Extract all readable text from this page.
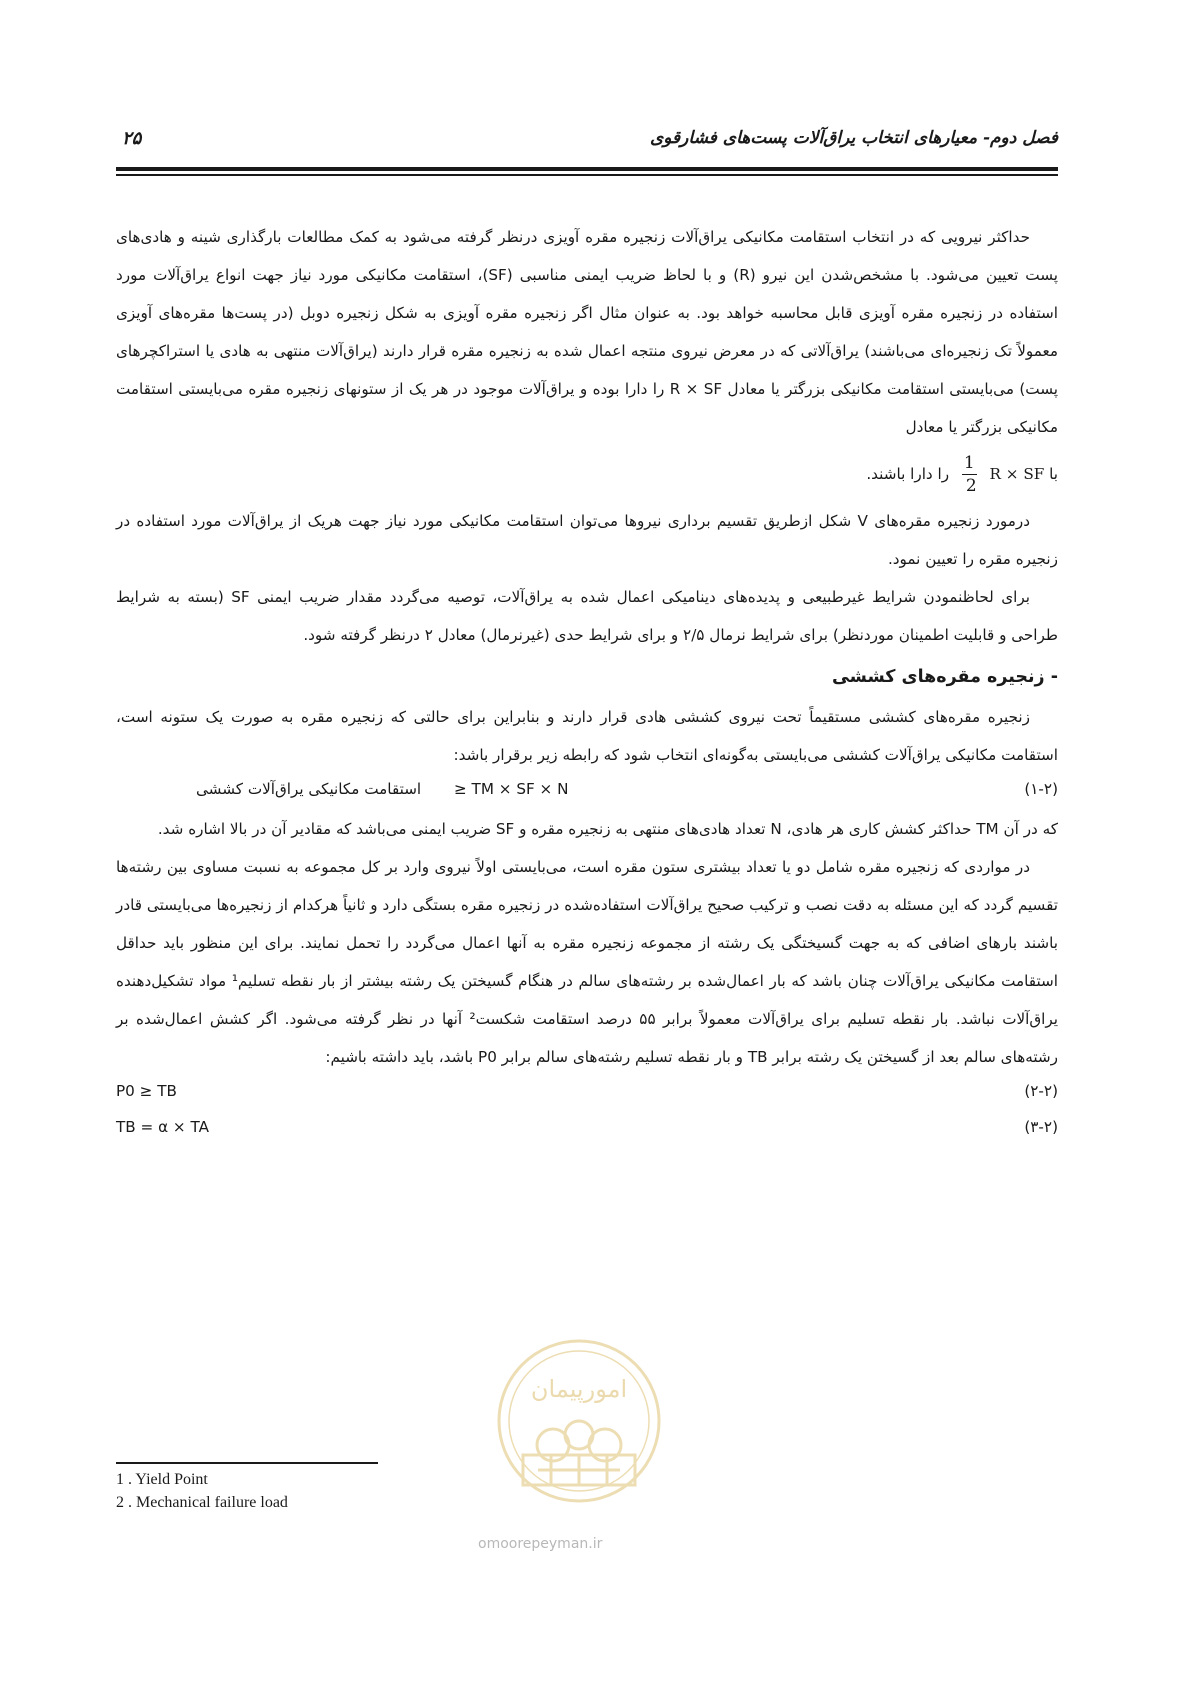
فصل دوم- معیارهای انتخاب یراق‌آلات پست‌های فشارقوی
۲۵

حداکثر نیرویی که در انتخاب استقامت مکانیکی یراق‌آلات زنجیره مقره آویزی درنظر گرفته می‌شود به کمک مطالعات بارگذاری شینه و هادی‌های پست تعیین می‌شود. با مشخص‌شدن این نیرو (R) و با لحاظ ضریب ایمنی مناسبی (SF)، استقامت مکانیکی مورد نیاز جهت انواع یراق‌آلات مورد استفاده در زنجیره مقره آویزی قابل محاسبه خواهد بود. به عنوان مثال اگر زنجیره مقره آویزی به شکل زنجیره دوبل (در پست‌ها مقره‌های آویزی معمولاً تک زنجیره‌ای می‌باشند) یراق‌آلاتی که در معرض نیروی منتجه اعمال شده به زنجیره مقره قرار دارند (یراق‌آلات منتهی به هادی یا استراکچرهای پست) می‌بایستی استقامت مکانیکی بزرگتر یا معادل R × SF را دارا بوده و یراق‌آلات موجود در هر یک از ستونهای زنجیره مقره می‌بایستی استقامت مکانیکی بزرگتر یا معادل

با R × SF
$\frac{1}{2}$
را دارا باشند.

درمورد زنجیره مقره‌های V شکل ازطریق تقسیم برداری نیروها می‌توان استقامت مکانیکی مورد نیاز جهت هریک از یراق‌آلات مورد استفاده در زنجیره مقره را تعیین نمود.

برای لحاظنمودن شرایط غیرطبیعی و پدیده‌های دینامیکی اعمال شده به یراق‌آلات، توصیه می‌گردد مقدار ضریب ایمنی SF (بسته به شرایط طراحی و قابلیت اطمینان موردنظر) برای شرایط نرمال ۲/۵ و برای شرایط حدی (غیرنرمال) معادل ۲ درنظر گرفته شود.

- زنجیره مقره‌های کششی

زنجیره مقره‌های کششی مستقیماً تحت نیروی کششی هادی قرار دارند و بنابراین برای حالتی که زنجیره مقره به صورت یک ستونه است، استقامت مکانیکی یراق‌آلات کششی می‌بایستی به‌گونه‌ای انتخاب شود که رابطه زیر برقرار باشد:

(۱-۲)
استقامت مکانیکی یراق‌آلات کششی ≥ TM × SF × N

که در آن TM حداکثر کشش کاری هر هادی، N تعداد هادی‌های منتهی به زنجیره مقره و SF ضریب ایمنی می‌باشد که مقادیر آن در بالا اشاره شد.

در مواردی که زنجیره مقره شامل دو یا تعداد بیشتری ستون مقره است، می‌بایستی اولاً نیروی وارد بر کل مجموعه به نسبت مساوی بین رشته‌ها تقسیم گردد که این مسئله به دقت نصب و ترکیب صحیح یراق‌آلات استفاده‌شده در زنجیره مقره بستگی دارد و ثانیاً هرکدام از زنجیره‌ها می‌بایستی قادر باشند بارهای اضافی که به جهت گسیختگی یک رشته از مجموعه زنجیره مقره به آنها اعمال می‌گردد را تحمل نمایند. برای این منظور باید حداقل استقامت مکانیکی یراق‌آلات چنان باشد که بار اعمال‌شده بر رشته‌های سالم در هنگام گسیختن یک رشته بیشتر از بار نقطه تسلیم¹ مواد تشکیل‌دهنده یراق‌آلات نباشد. بار نقطه تسلیم برای یراق‌آلات معمولاً برابر ۵۵ درصد استقامت شکست² آنها در نظر گرفته می‌شود. اگر کشش اعمال‌شده بر رشته‌های سالم بعد از گسیختن یک رشته برابر TB و بار نقطه تسلیم رشته‌های سالم برابر P0 باشد، باید داشته باشیم:

(۲-۲)
P0 ≥ TB
(۳-۲)
TB = α × TA
امورپیمان
omoorepeyman.ir
1 . Yield Point
2 . Mechanical failure load
